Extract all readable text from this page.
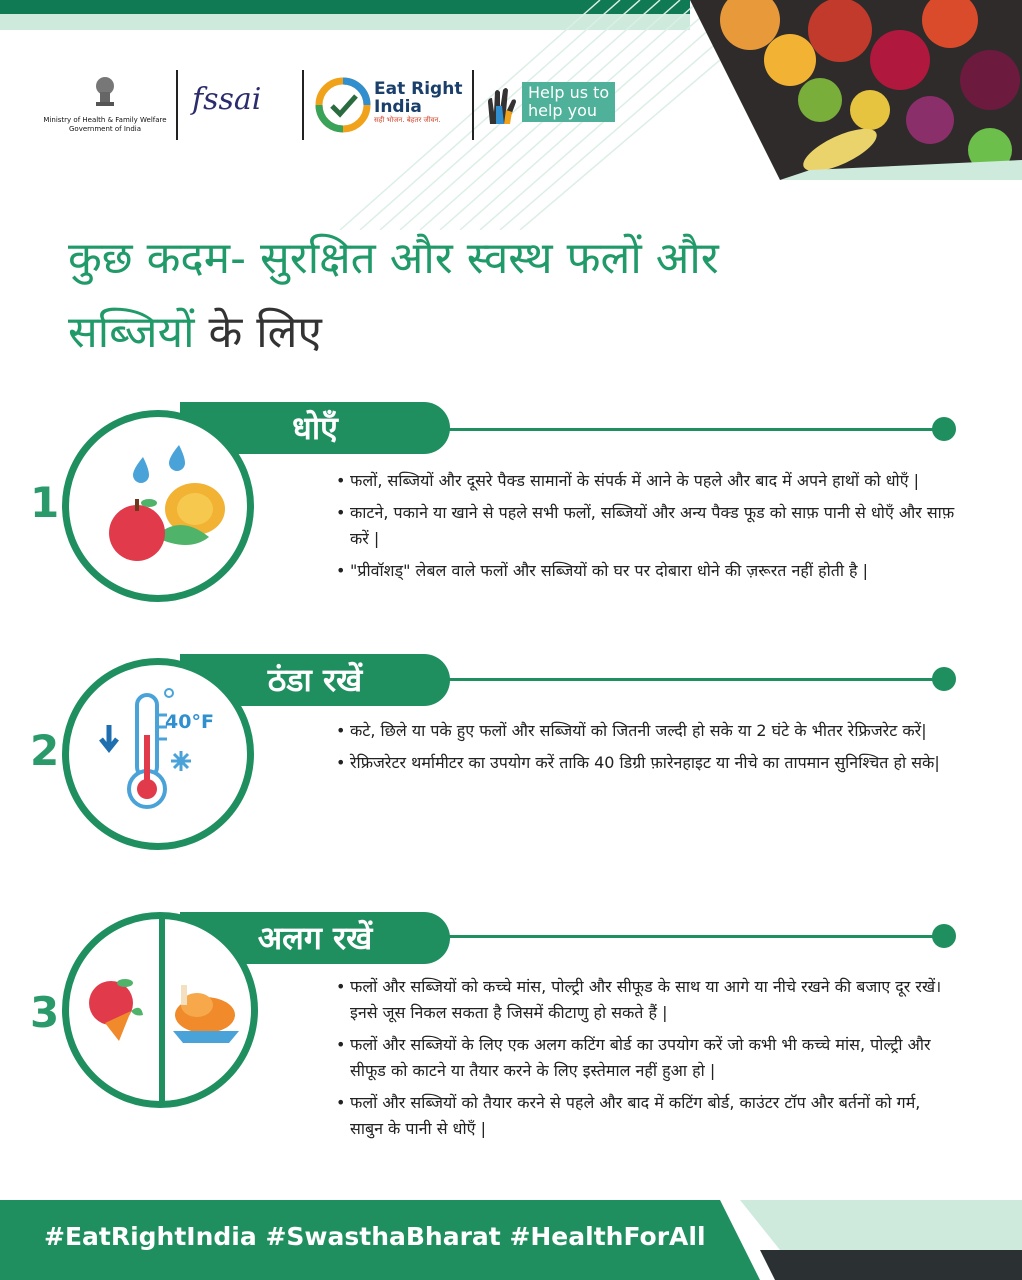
Ministry of Health & Family Welfare
Government of India
fssai	Eat Right
India
सही भोजन. बेहतर जीवन.
Help us to
help you
कुछ कदम- सुरक्षित और स्वस्थ फलों और
सब्जियों के लिए
1
धोएँ
• फलों, सब्जियों और दूसरे पैक्ड सामानों के संपर्क में आने के पहले और बाद में अपने हाथों को धोएँ |
• काटने, पकाने या खाने से पहले सभी फलों, सब्जियों और अन्य पैक्ड फूड को साफ़ पानी से धोएँ और साफ़ करें |
• "प्रीवॉशड्" लेबल वाले फलों और सब्जियों को घर पर दोबारा धोने की ज़रूरत नहीं होती है |
2
ठंडा रखें
40°F
•	कटे, छिले या पके हुए फलों और सब्जियों को जितनी जल्दी हो सके या 2 घंटे के भीतर रेफ्रिजरेट करें|
• रेफ्रिजरेटर थर्मामीटर का उपयोग करें ताकि 40 डिग्री फ़ारेनहाइट या नीचे का तापमान सुनिश्चित हो सके|
3
अलग रखें
• फलों और सब्जियों को कच्चे मांस, पोल्ट्री और सीफूड के साथ या आगे या नीचे रखने की बजाए दूर रखें। इनसे जूस निकल सकता है जिसमें कीटाणु हो सकते हैं |
• फलों और सब्जियों के लिए एक अलग कटिंग बोर्ड का उपयोग करें जो कभी भी कच्चे मांस, पोल्ट्री और सीफूड को काटने या तैयार करने के लिए इस्तेमाल नहीं हुआ हो |
• फलों और सब्जियों को तैयार करने से पहले और बाद में कटिंग बोर्ड, काउंटर टॉप और बर्तनों को गर्म, साबुन के पानी से धोएँ |
#EatRightIndia #SwasthaBharat #HealthForAll
